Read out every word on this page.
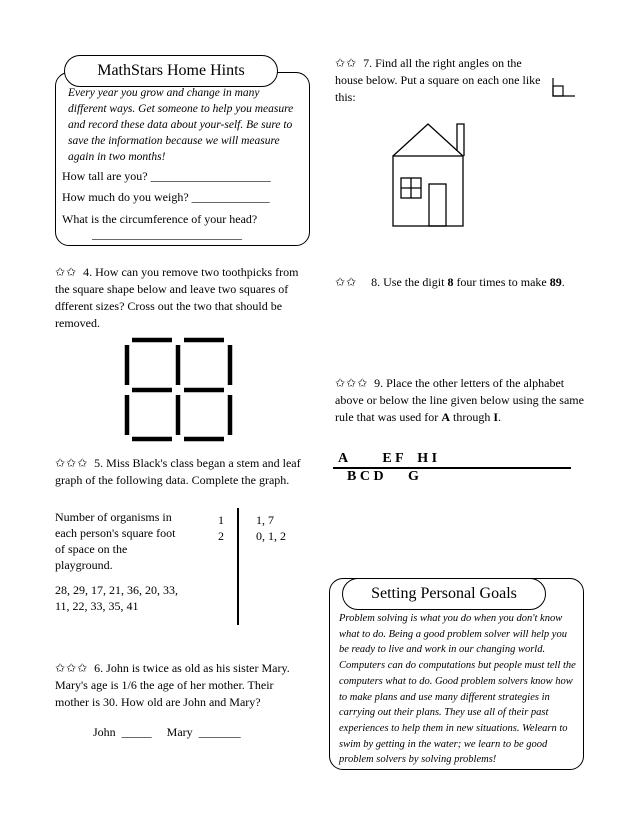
MathStars Home Hints

Every year you grow and change in many different ways. Get someone to help you measure and record these data about your-self. Be sure to save the information because we will measure again in two months!

How tall are you? ____________________

How much do you weigh? _____________

What is the circumference of your head?

_________________________

✩✩ 4. How can you remove two toothpicks from the square shape below and leave two squares of dfferent sizes? Cross out the two that should be removed.

✩✩✩ 5. Miss Black's class began a stem and leaf graph of the following data. Complete the graph.

Number of organisms in each person's square foot of space on the playground.

28, 29, 17, 21, 36, 20, 33, 11, 22, 33, 35, 41

1
2
1, 7
0, 1, 2

✩✩✩ 6. John is twice as old as his sister Mary. Mary's age is 1/6 the age of her mother. Their mother is 30. How old are John and Mary?

John  _____     Mary  _______

✩✩ 7. Find all the right angles on the house below. Put a square on each one like this:

✩✩ 8. Use the digit 8 four times to make 89.

✩✩✩ 9. Place the other letters of the alphabet above or below the line given below using the same rule that was used for A through I.

A          E F    H I
B C D       G
Setting Personal Goals

Problem solving is what you do when you don't know what to do. Being a good problem solver will help you be ready to live and work in our changing world. Computers can do computations but people must tell the computers what to do. Good problem solvers know how to make plans and use many different strategies in carrying out their plans. They use all of their past experiences to help them in new situations. Welearn to swim by getting in the water; we learn to be good problem solvers by solving problems!
